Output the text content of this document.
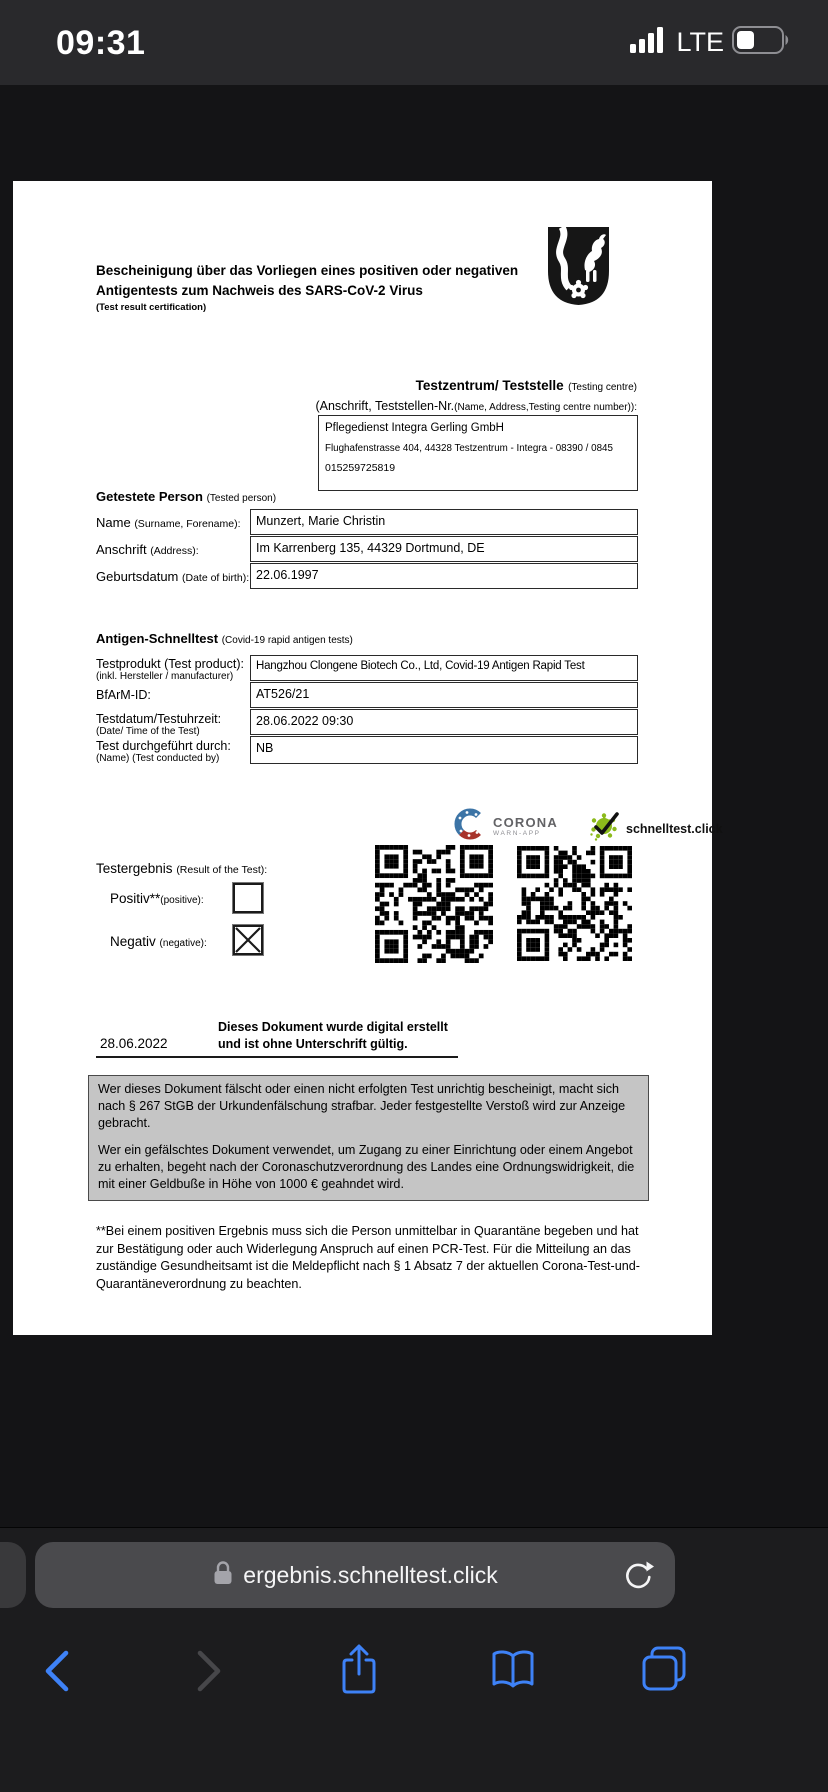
09:31	LTE
Bescheinigung über das Vorliegen eines positiven oder negativen
Antigentests zum Nachweis des SARS-CoV-2 Virus
(Test result certification)
Testzentrum/ Teststelle (Testing centre)
(Anschrift, Teststellen-Nr.(Name, Address,Testing centre number)):
Pflegedienst Integra Gerling GmbH
Flughafenstrasse 404, 44328 Testzentrum - Integra - 08390 / 0845
015259725819
Getestete Person (Tested person)
Name (Surname, Forename):	Munzert, Marie Christin
Anschrift (Address):	Im Karrenberg 135, 44329 Dortmund, DE
Geburtsdatum (Date of birth): 22.06.1997
Antigen-Schnelltest (Covid-19 rapid antigen tests)
Testprodukt (Test product):
(inkl. Hersteller / manufacturer)
Hangzhou Clongene Biotech Co., Ltd, Covid-19 Antigen Rapid Test
BfArM-ID:	AT526/21
Testdatum/Testuhrzeit:
(Date/ Time of the Test)
28.06.2022 09:30
Test durchgeführt durch:
(Name) (Test conducted by)
NB
CORONA
WARN-APP	schnelltest.click
Testergebnis (Result of the Test):
Positiv**(positive):
Negativ (negative):
28.06.2022
Dieses Dokument wurde digital erstellt
und ist ohne Unterschrift gültig.

Wer dieses Dokument fälscht oder einen nicht erfolgten Test unrichtig bescheinigt, macht sich nach § 267 StGB der Urkundenfälschung strafbar. Jeder festgestellte Verstoß wird zur Anzeige gebracht.

Wer ein gefälschtes Dokument verwendet, um Zugang zu einer Einrichtung oder einem Angebot zu erhalten, begeht nach der Coronaschutzverordnung des Landes eine Ordnungswidrigkeit, die mit einer Geldbuße in Höhe von 1000 € geahndet wird.

**Bei einem positiven Ergebnis muss sich die Person unmittelbar in Quarantäne begeben und hat zur Bestätigung oder auch Widerlegung Anspruch auf einen PCR-Test. Für die Mitteilung an das zuständige Gesundheitsamt ist die Meldepflicht nach § 1 Absatz 7 der aktuellen Corona-Test-und-Quarantäneverordnung zu beachten.
ergebnis.schnelltest.click
